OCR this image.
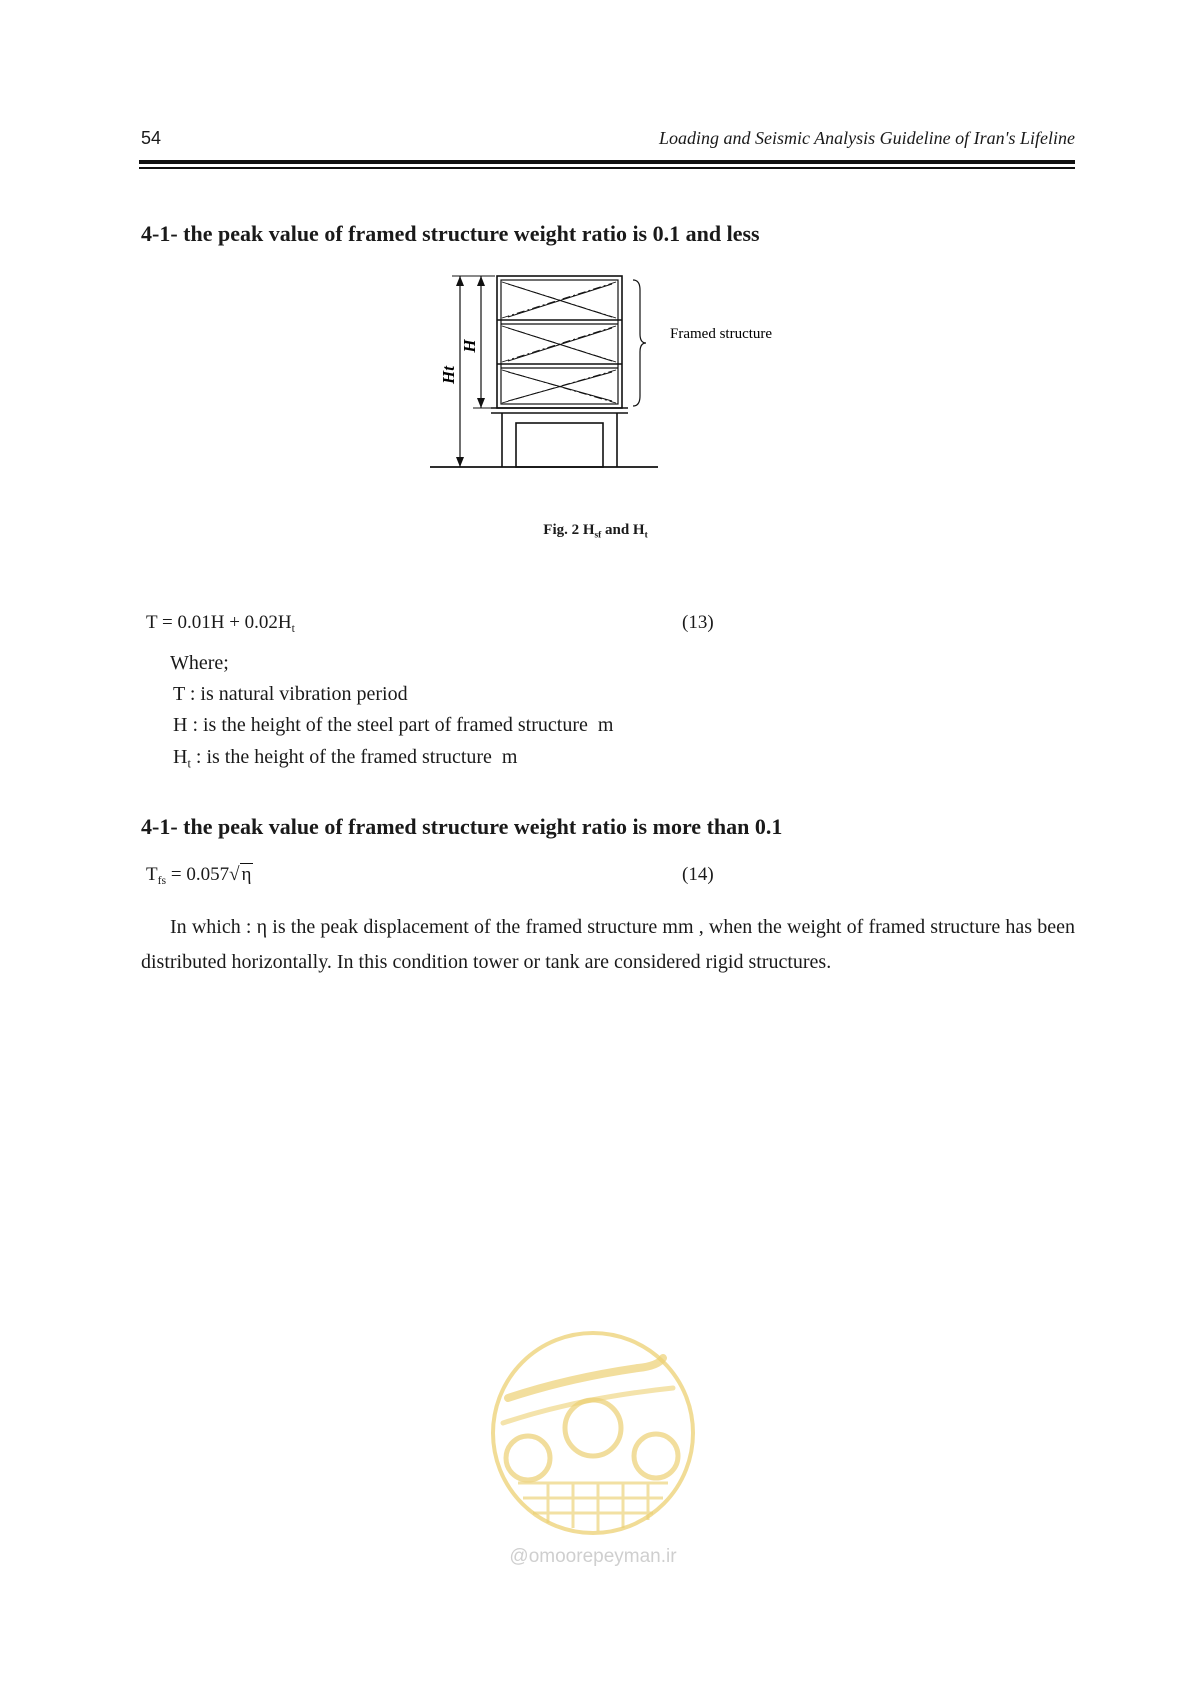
54	Loading and Seismic Analysis Guideline of Iran's Lifeline
4-1- the peak value of framed structure weight ratio is 0.1 and less
H
Ht
Framed structure
Fig. 2 $H_{sf}$ and $H_t$
$T = 0.01H + 0.02H_t$	(13)
Where;
T : is natural vibration period
H : is the height of the steel part of framed structure m
$H_t$ : is the height of the framed structure m
4-1- the peak value of framed structure weight ratio is more than 0.1
$T_{fs} = 0.057√$ η	(14)
In which : η is the peak displacement of the framed structure mm , when the weight of framed structure has been distributed horizontally. In this condition tower or tank are considered rigid structures.
@omoorepeyman.ir
